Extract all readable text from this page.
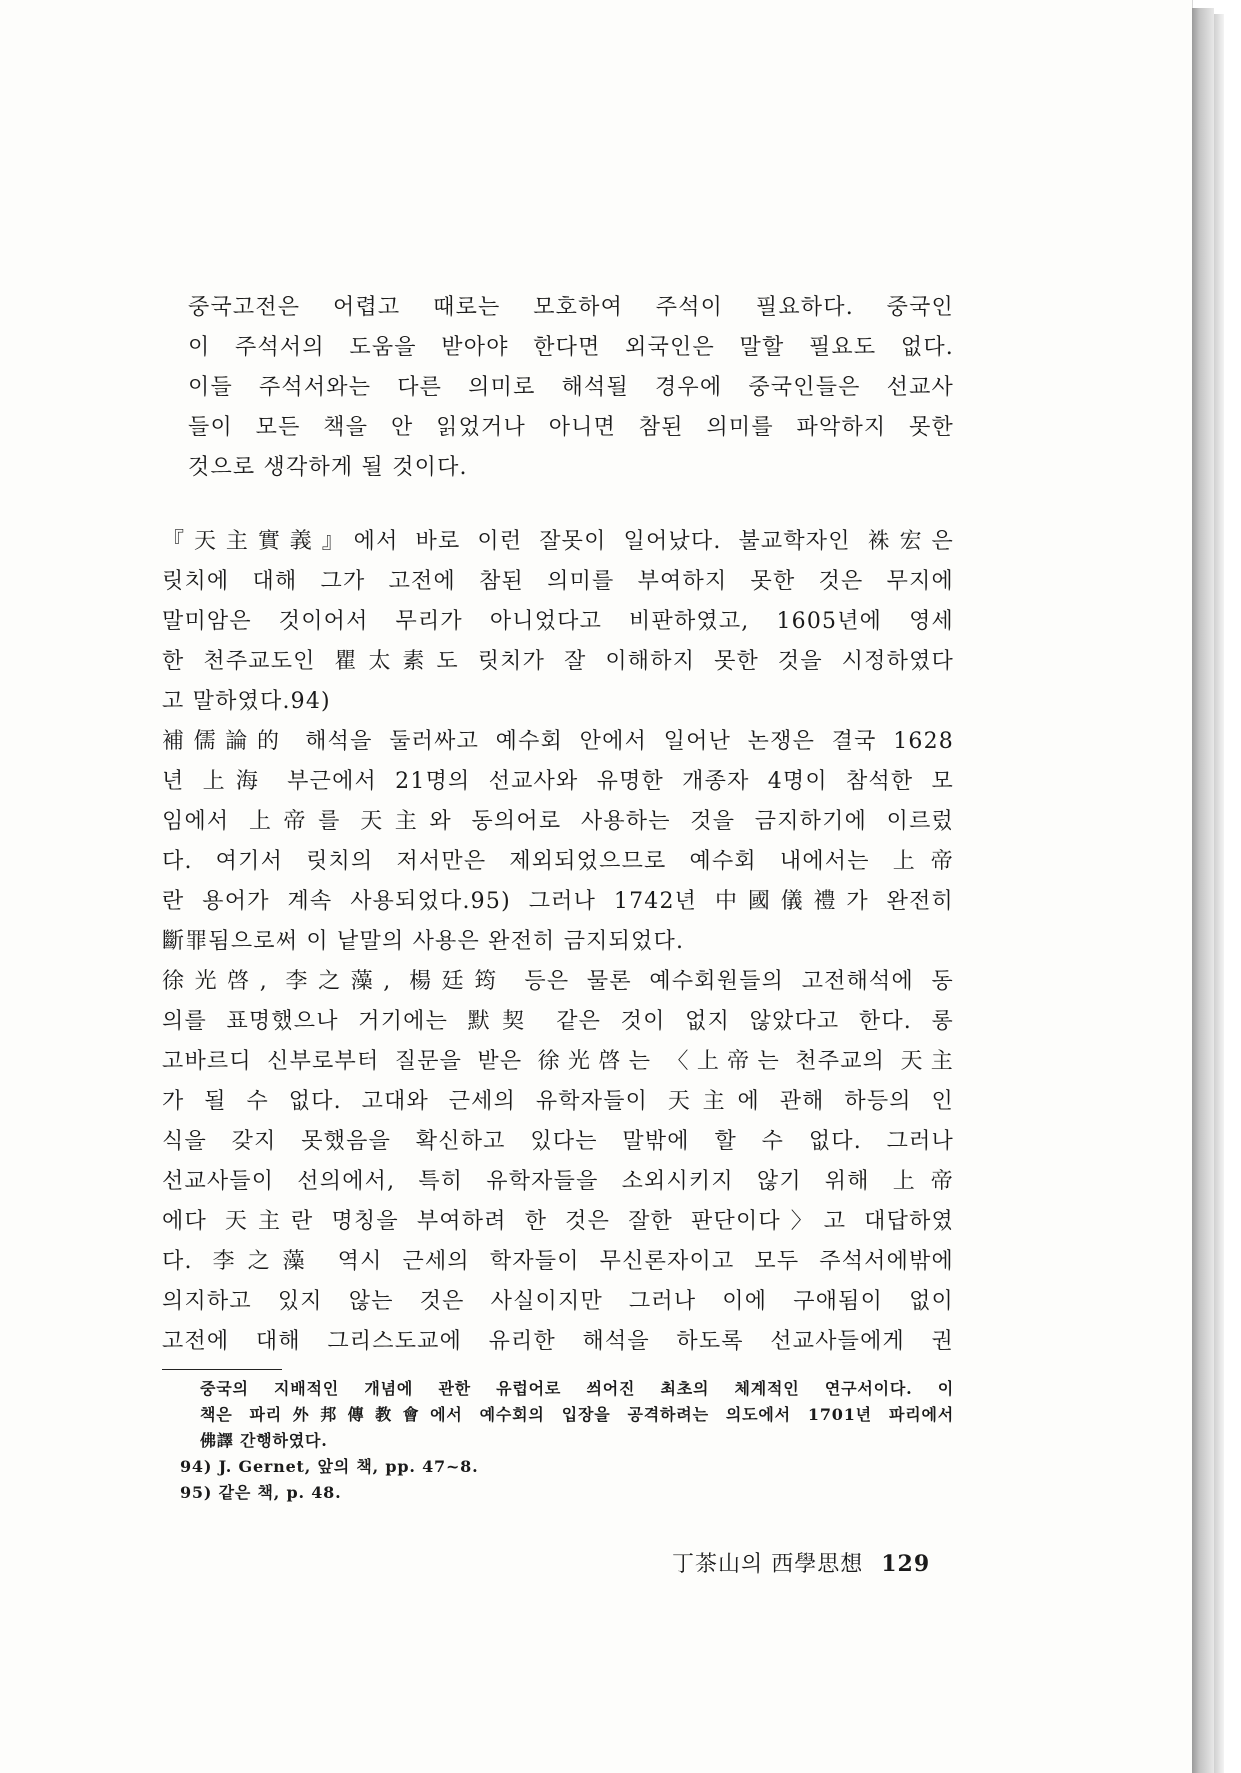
중국고전은 어렵고 때로는 모호하여 주석이 필요하다. 중국인
이 주석서의 도움을 받아야 한다면 외국인은 말할 필요도 없다.
이들 주석서와는 다른 의미로 해석될 경우에 중국인들은 선교사
들이 모든 책을 안 읽었거나 아니면 참된 의미를 파악하지 못한
것으로 생각하게 될 것이다.
『天主實義』에서 바로 이런 잘못이 일어났다. 불교학자인 袾宏은
릿치에 대해 그가 고전에 참된 의미를 부여하지 못한 것은 무지에
말미암은 것이어서 무리가 아니었다고 비판하였고, 1605년에 영세
한 천주교도인 瞿太素도 릿치가 잘 이해하지 못한 것을 시정하였다
고 말하였다.94)
補儒論的 해석을 둘러싸고 예수회 안에서 일어난 논쟁은 결국 1628
년 上海 부근에서 21명의 선교사와 유명한 개종자 4명이 참석한 모
임에서 上帝를 天主와 동의어로 사용하는 것을 금지하기에 이르렀
다. 여기서 릿치의 저서만은 제외되었으므로 예수회 내에서는 上帝
란 용어가 계속 사용되었다.95) 그러나 1742년 中國儀禮가 완전히
斷罪됨으로써 이 낱말의 사용은 완전히 금지되었다.
徐光啓, 李之藻, 楊廷筠 등은 물론 예수회원들의 고전해석에 동
의를 표명했으나 거기에는 默契 같은 것이 없지 않았다고 한다. 롱
고바르디 신부로부터 질문을 받은 徐光啓는 〈上帝는 천주교의 天主
가 될 수 없다. 고대와 근세의 유학자들이 天主에 관해 하등의 인
식을 갖지 못했음을 확신하고 있다는 말밖에 할 수 없다. 그러나
선교사들이 선의에서, 특히 유학자들을 소외시키지 않기 위해 上帝
에다 天主란 명칭을 부여하려 한 것은 잘한 판단이다〉고 대답하였
다. 李之藻 역시 근세의 학자들이 무신론자이고 모두 주석서에밖에
의지하고 있지 않는 것은 사실이지만 그러나 이에 구애됨이 없이
고전에 대해 그리스도교에 유리한 해석을 하도록 선교사들에게 권
중국의 지배적인 개념에 관한 유럽어로 씌어진 최초의 체계적인 연구서이다. 이
책은 파리外邦傳教會에서 예수회의 입장을 공격하려는 의도에서 1701년 파리에서
佛譯 간행하였다.
94) J. Gernet, 앞의 책, pp. 47~8.
95) 같은 책, p. 48.
丁茶山의 西學思想 129
